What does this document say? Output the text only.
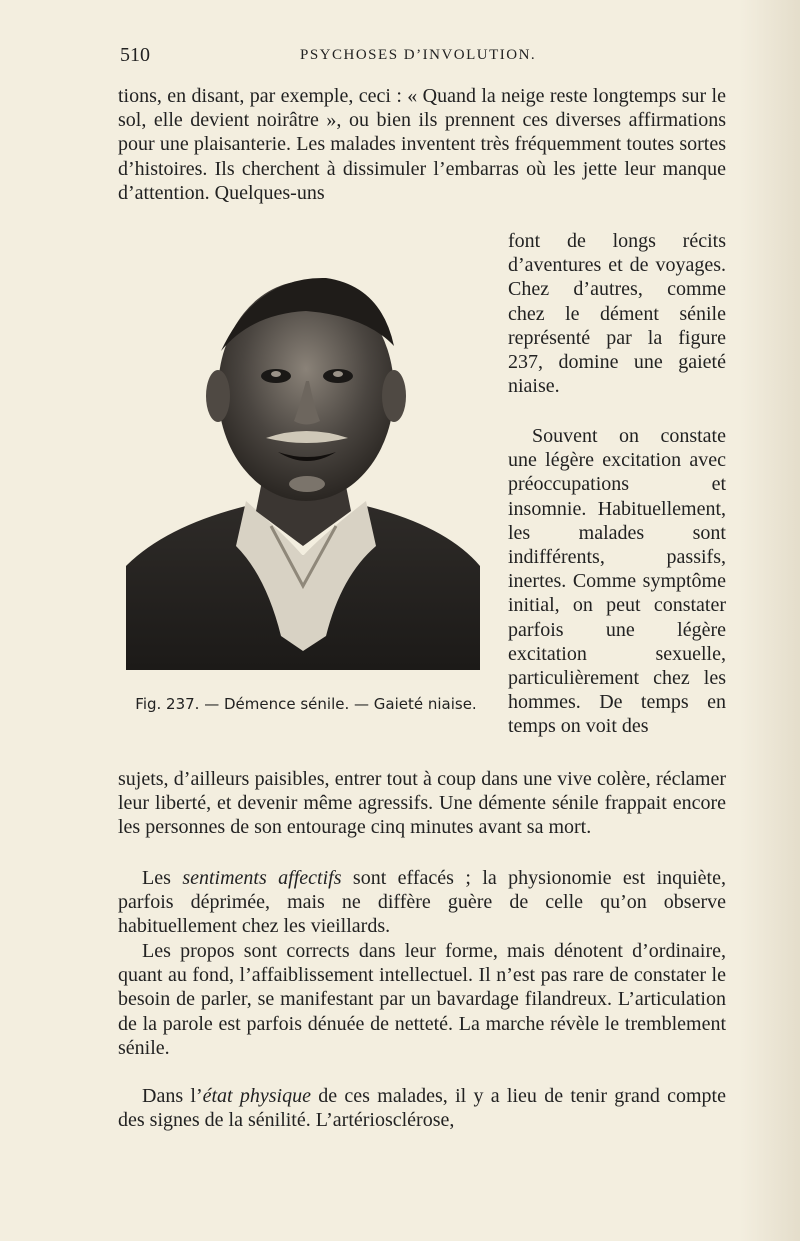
510	PSYCHOSES D’INVOLUTION.

tions, en disant, par exemple, ceci : « Quand la neige reste longtemps sur le sol, elle devient noirâtre », ou bien ils prennent ces diverses affirmations pour une plaisanterie. Les malades inventent très fréquemment toutes sortes d’histoires. Ils cherchent à dissimuler l’embarras où les jette leur manque d’attention. Quelques-uns

font de longs récits d’aventures et de voyages. Chez d’autres, comme chez le dément sénile représenté par la figure 237, domine une gaieté niaise.

Souvent on constate une légère excitation avec préoccupations et insomnie. Habituellement, les malades sont indifférents, passifs, inertes. Comme symptôme initial, on peut constater parfois une légère excitation sexuelle, particulièrement chez les hommes. De temps en temps on voit des

Fig. 237. — Démence sénile. — Gaieté niaise.

sujets, d’ailleurs paisibles, entrer tout à coup dans une vive colère, réclamer leur liberté, et devenir même agressifs. Une démente sénile frappait encore les personnes de son entourage cinq minutes avant sa mort.

Les sentiments affectifs sont effacés ; la physionomie est inquiète, parfois déprimée, mais ne diffère guère de celle qu’on observe habituellement chez les vieillards.

Les propos sont corrects dans leur forme, mais dénotent d’ordinaire, quant au fond, l’affaiblissement intellectuel. Il n’est pas rare de constater le besoin de parler, se manifestant par un bavardage filandreux. L’articulation de la parole est parfois dénuée de netteté. La marche révèle le tremblement sénile.

Dans l’état physique de ces malades, il y a lieu de tenir grand compte des signes de la sénilité. L’artériosclérose,
